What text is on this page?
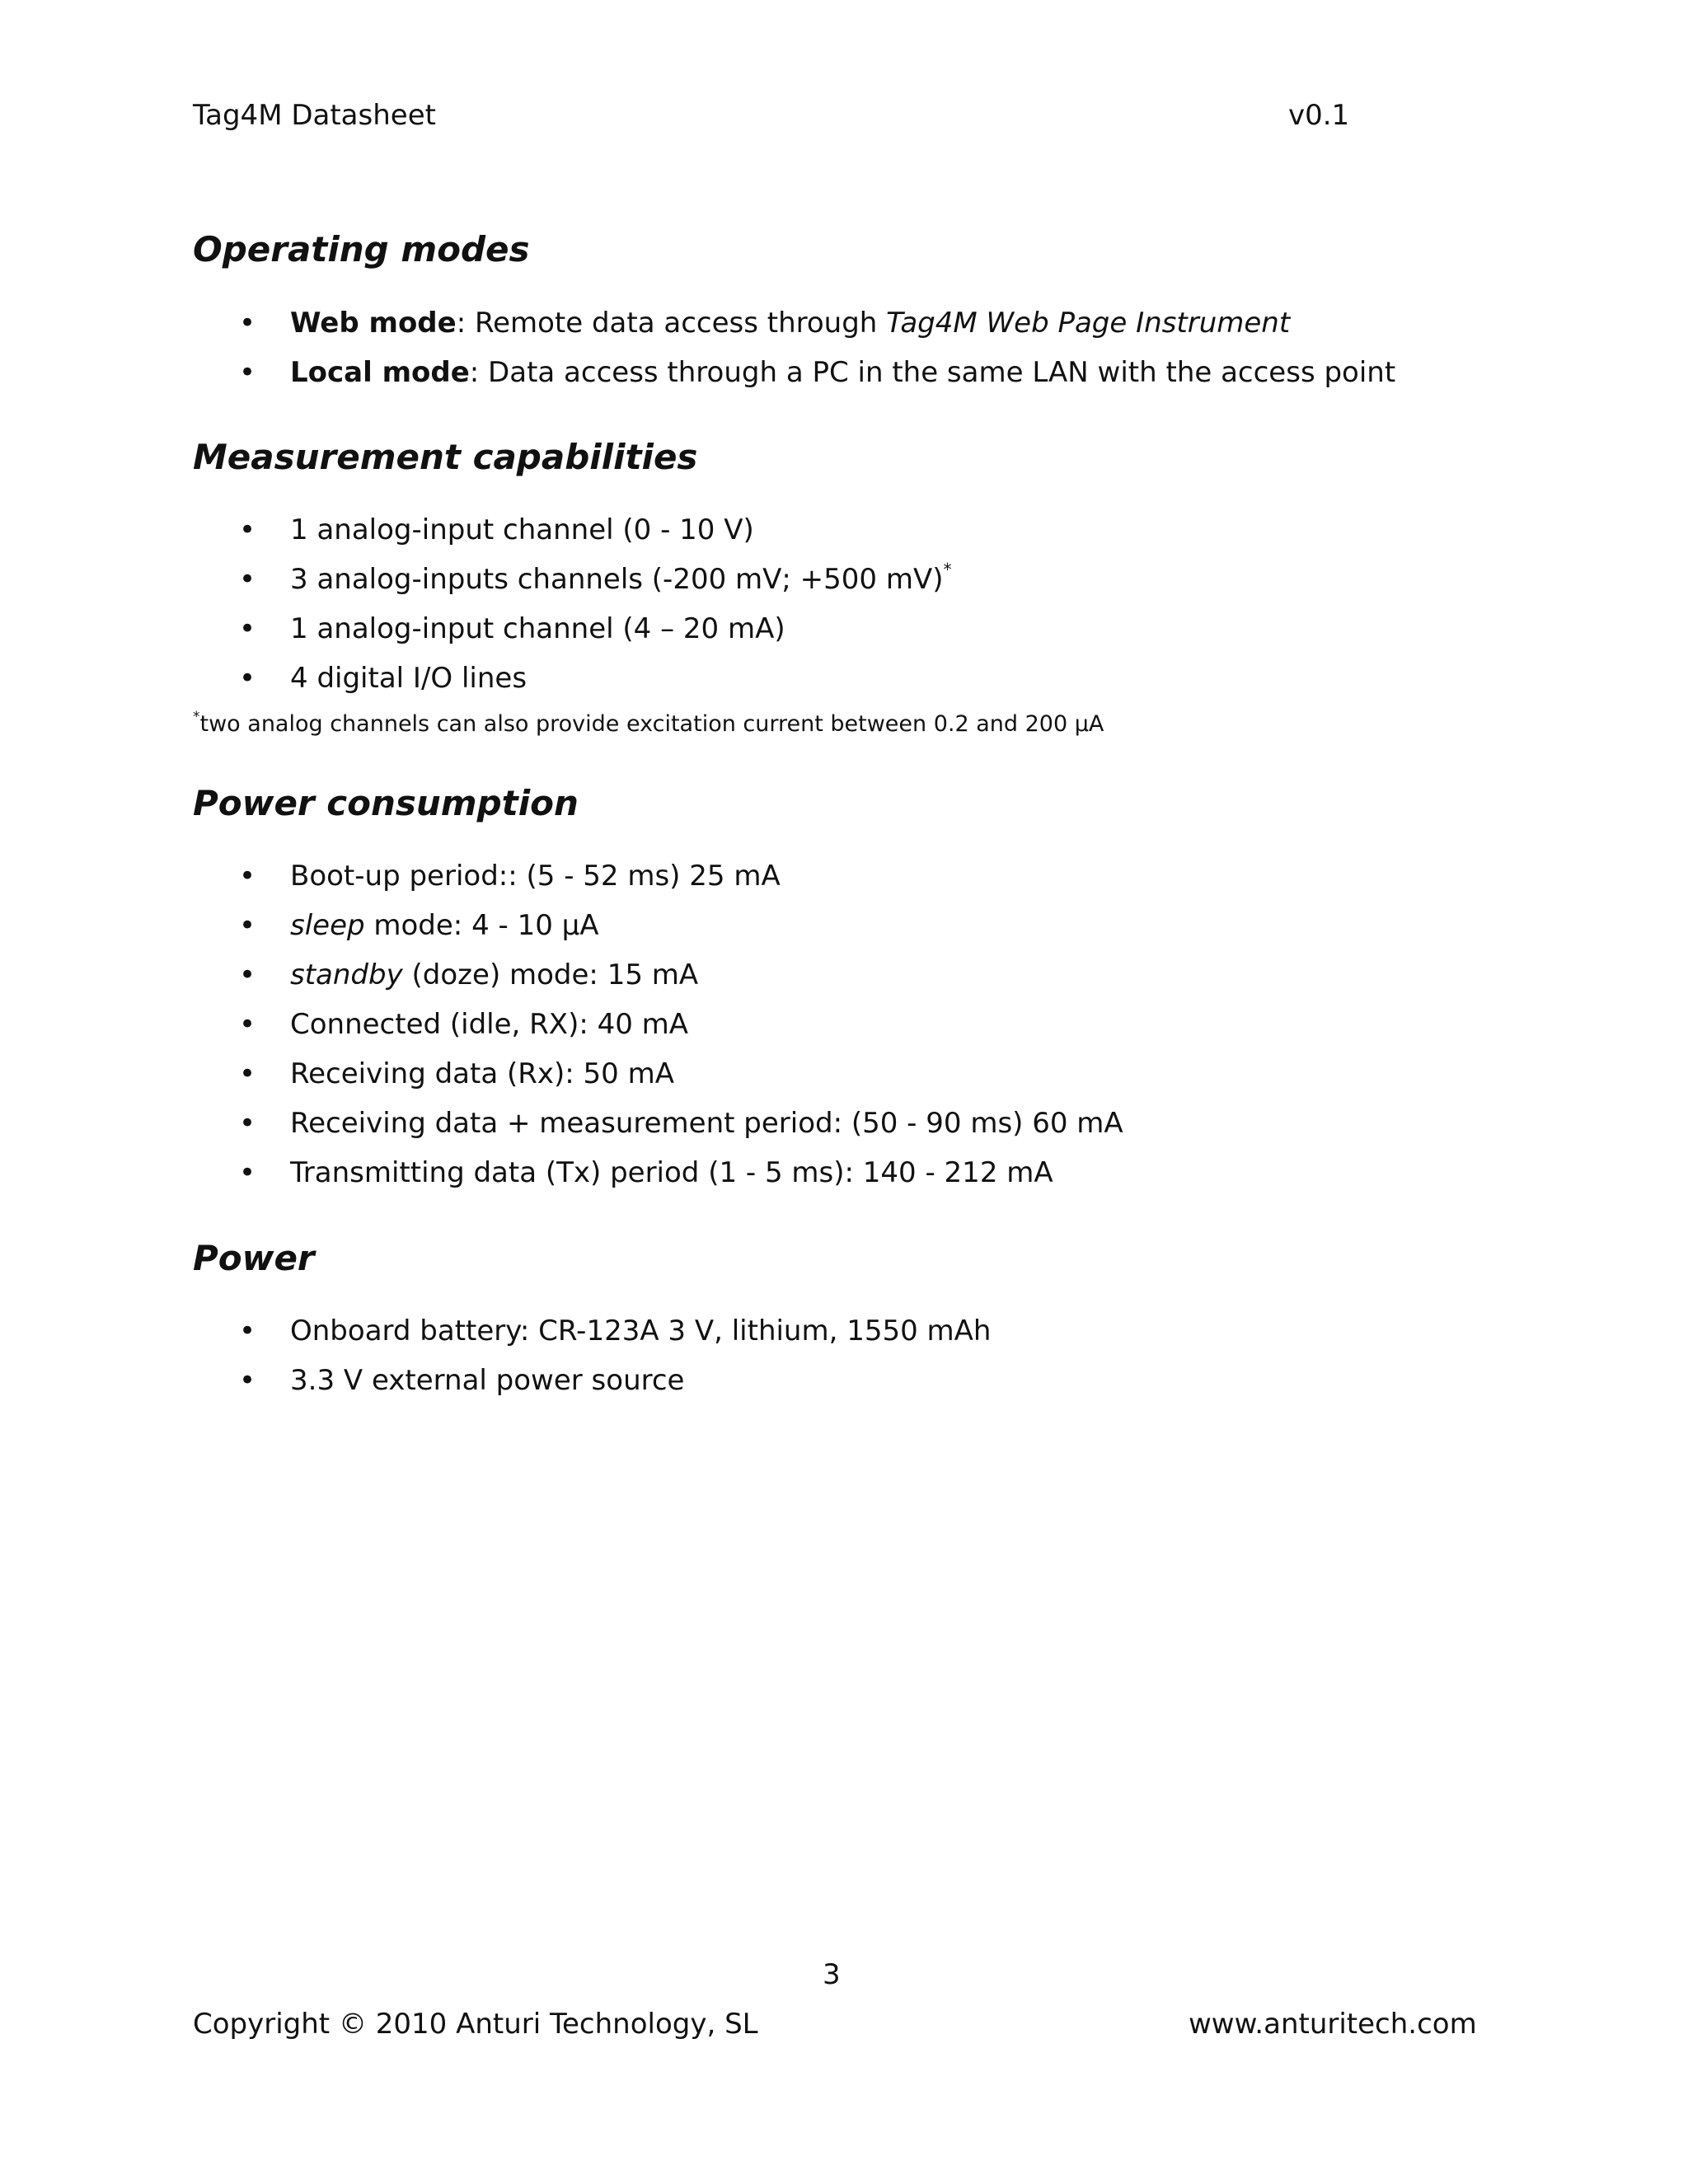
Tag4M Datasheet	v0.1
Operating modes
• Web mode: Remote data access through Tag4M Web Page Instrument
• Local mode: Data access through a PC in the same LAN with the access point
Measurement capabilities
• 1 analog-input channel (0 - 10 V)
• 3 analog-inputs channels (-200 mV; +500 mV)*
• 1 analog-input channel (4 – 20 mA)
• 4 digital I/O lines
*two analog channels can also provide excitation current between 0.2 and 200 µA
Power consumption
• Boot-up period:: (5 - 52 ms) 25 mA
• sleep mode: 4 - 10 µA
• standby (doze) mode: 15 mA
• Connected (idle, RX): 40 mA
• Receiving data (Rx): 50 mA
• Receiving data + measurement period: (50 - 90 ms) 60 mA
• Transmitting data (Tx) period (1 - 5 ms): 140 - 212 mA
Power
• Onboard battery: CR-123A 3 V, lithium, 1550 mAh
• 3.3 V external power source
3
Copyright © 2010 Anturi Technology, SL	www.anturitech.com
